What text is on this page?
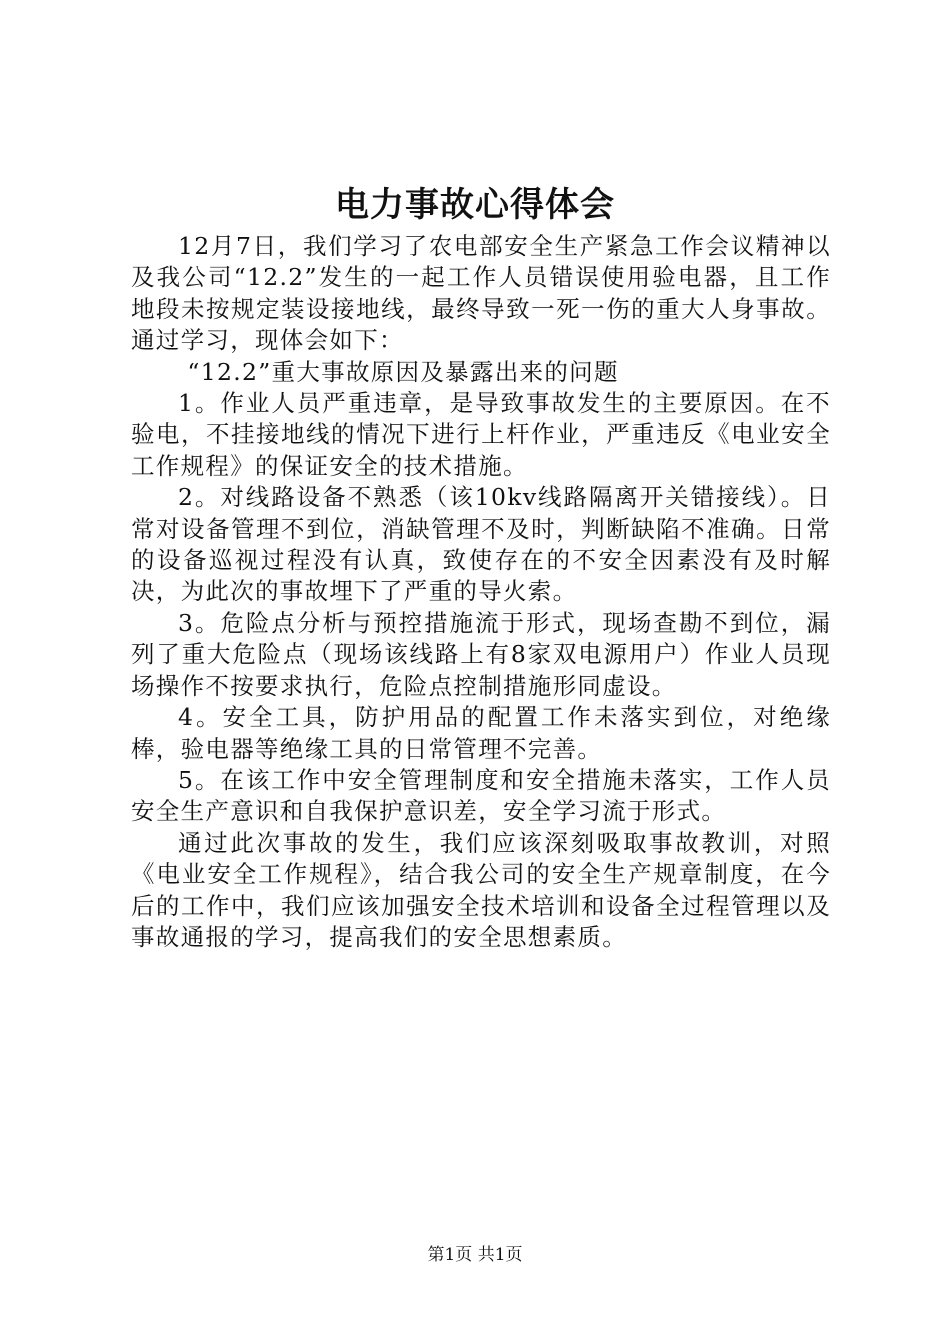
电力事故心得体会

12月7日，我们学习了农电部安全生产紧急工作会议精神以及我公司“12.2”发生的一起工作人员错误使用验电器，且工作地段未按规定装设接地线，最终导致一死一伤的重大人身事故。通过学习，现体会如下：

“12.2”重大事故原因及暴露出来的问题

1。作业人员严重违章，是导致事故发生的主要原因。在不验电，不挂接地线的情况下进行上杆作业，严重违反《电业安全工作规程》的保证安全的技术措施。

2。对线路设备不熟悉（该10kv线路隔离开关错接线）。日常对设备管理不到位，消缺管理不及时，判断缺陷不准确。日常的设备巡视过程没有认真，致使存在的不安全因素没有及时解决，为此次的事故埋下了严重的导火索。

3。危险点分析与预控措施流于形式，现场查勘不到位，漏列了重大危险点（现场该线路上有8家双电源用户）作业人员现场操作不按要求执行，危险点控制措施形同虚设。

4。安全工具，防护用品的配置工作未落实到位，对绝缘棒，验电器等绝缘工具的日常管理不完善。

5。在该工作中安全管理制度和安全措施未落实，工作人员安全生产意识和自我保护意识差，安全学习流于形式。

通过此次事故的发生，我们应该深刻吸取事故教训，对照《电业安全工作规程》，结合我公司的安全生产规章制度，在今后的工作中，我们应该加强安全技术培训和设备全过程管理以及事故通报的学习，提高我们的安全思想素质。

第1页 共1页
